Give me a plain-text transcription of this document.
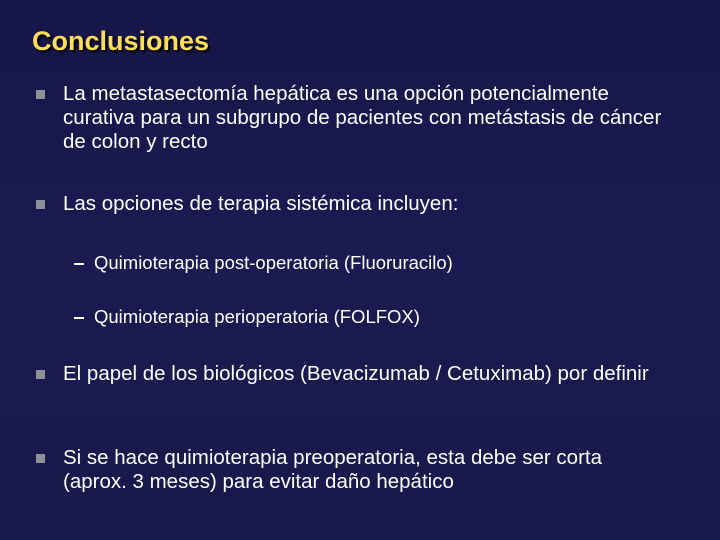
Conclusiones
La metastasectomía hepática es una opción potencialmente curativa para un subgrupo de pacientes con metástasis de cáncer de colon y recto
Las opciones de terapia sistémica incluyen:
Quimioterapia post-operatoria (Fluoruracilo)
Quimioterapia perioperatoria (FOLFOX)
El papel de los biológicos (Bevacizumab / Cetuximab) por definir
Si se hace quimioterapia preoperatoria, esta debe ser corta (aprox. 3 meses) para evitar daño hepático
